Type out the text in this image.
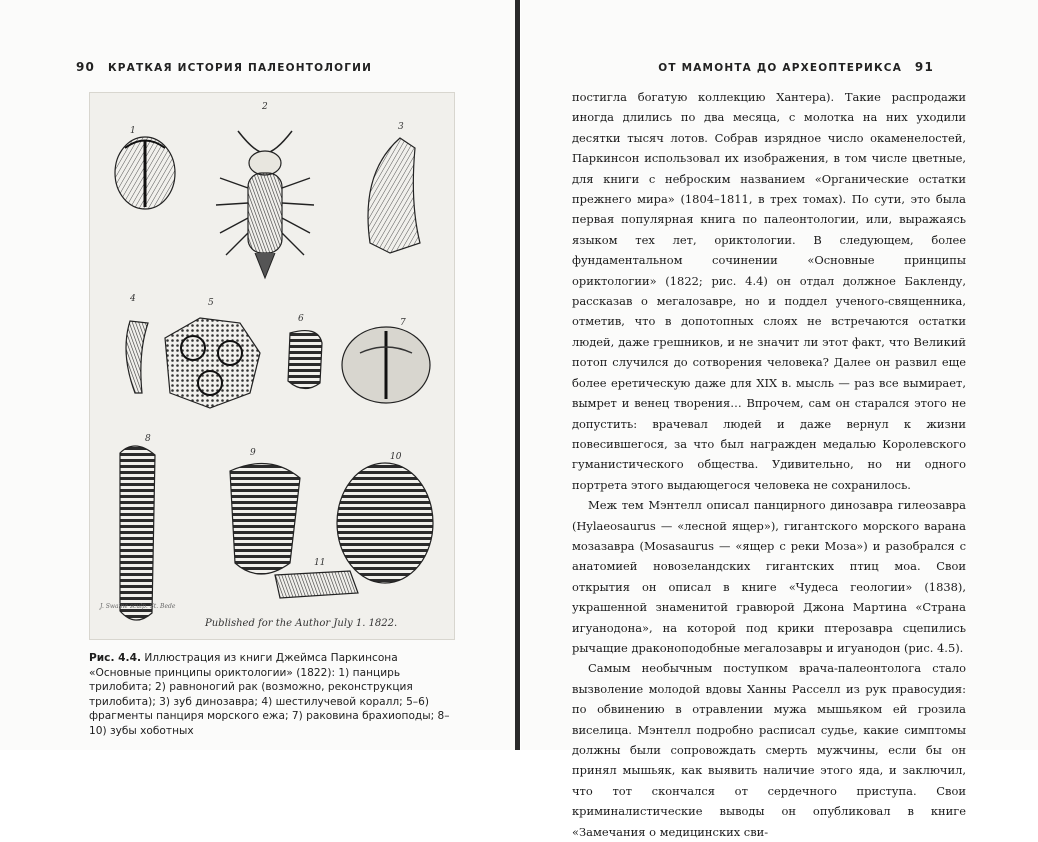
90 КРАТКАЯ ИСТОРИЯ ПАЛЕОНТОЛОГИИ
1
2
3
4	5
6	7
8
9	10
11
J. Swaine sculp. St. Bede
Published for the Author July 1. 1822.
Рис. 4.4. Иллюстрация из книги Джеймса Паркинсона «Основные принципы ориктологии» (1822): 1) панцирь трилобита; 2) равноногий рак (возможно, реконструкция трилобита); 3) зуб динозавра; 4) шестилучевой коралл; 5–6) фрагменты панциря морского ежа; 7) раковина брахиоподы; 8–10) зубы хоботных
ОТ МАМОНТА ДО АРХЕОПТЕРИКСА 91

постигла богатую коллекцию Хантера). Такие распродажи иногда длились по два месяца, с молотка на них уходили десятки тысяч лотов. Собрав изрядное число окаменелостей, Паркинсон использовал их изображения, в том числе цветные, для книги с неброским названием «Органические остатки прежнего мира» (1804–1811, в трех томах). По сути, это была первая популярная книга по палеонтологии, или, выражаясь языком тех лет, ориктологии. В следующем, более фундаментальном сочинении «Основные принципы ориктологии» (1822; рис. 4.4) он отдал должное Бакленду, рассказав о мегалозавре, но и поддел ученого-священника, отметив, что в допотопных слоях не встречаются остатки людей, даже грешников, и не значит ли этот факт, что Великий потоп случился до сотворения человека? Далее он развил еще более еретическую даже для XIX в. мысль — раз все вымирает, вымрет и венец творения… Впрочем, сам он старался этого не допустить: врачевал людей и даже вернул к жизни повесившегося, за что был награжден медалью Королевского гуманистического общества. Удивительно, но ни одного портрета этого выдающегося человека не сохранилось.

Меж тем Мэнтелл описал панцирного динозавра гилеозавра (Hylaeosaurus — «лесной ящер»), гигантского морского варана мозазавра (Mosasaurus — «ящер с реки Моза») и разобрался с анатомией новозеландских гигантских птиц моа. Свои открытия он описал в книге «Чудеса геологии» (1838), украшенной знаменитой гравюрой Джона Мартина «Страна игуанодона», на которой под крики птерозавра сцепились рычащие драконоподобные мегалозавры и игуанодон (рис. 4.5).

Самым необычным поступком врача-палеонтолога стало вызволение молодой вдовы Ханны Расселл из рук правосудия: по обвинению в отравлении мужа мышьяком ей грозила виселица. Мэнтелл подробно расписал судье, какие симптомы должны были сопровождать смерть мужчины, если бы он принял мышьяк, как выявить наличие этого яда, и заключил, что тот скончался от сердечного приступа. Свои криминалистические выводы он опубликовал в книге «Замечания о медицинских сви-
